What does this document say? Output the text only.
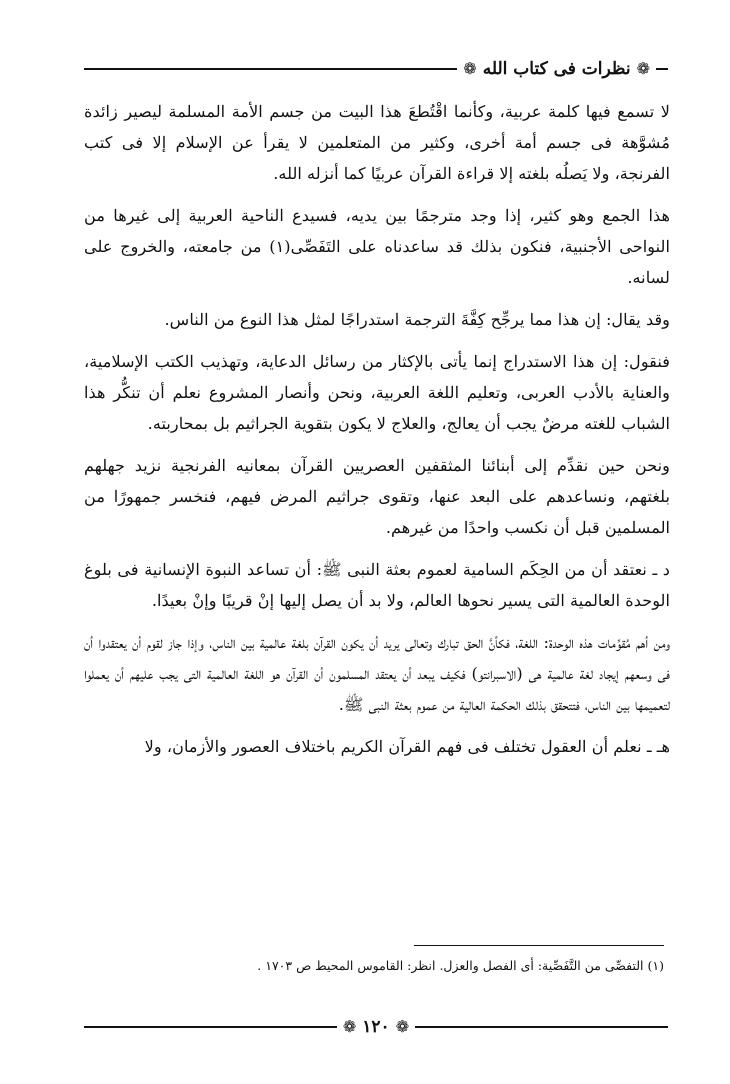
❁ نظرات فى كتاب الله ❁

لا تسمع فيها كلمة عربية، وكأنما اقْتُطعَ هذا البيت من جسم الأمة المسلمة ليصير زائدة مُشوَّهة فى جسم أمة أخرى، وكثير من المتعلمين لا يقرأ عن الإسلام إلا فى كتب الفرنجة، ولا يَصلُه بلغته إلا قراءة القرآن عربيًا كما أنزله الله.

هذا الجمع وهو كثير، إذا وجد مترجمًا بين يديه، فسيدع الناحية العربية إلى غيرها من النواحى الأجنبية، فنكون بذلك قد ساعدناه على التَفَصِّى(١) من جامعته، والخروج على لسانه.

وقد يقال: إن هذا مما يرجِّح كِفَّةَ الترجمة استدراجًا لمثل هذا النوع من الناس.

فنقول: إن هذا الاستدراج إنما يأتى بالإكثار من رسائل الدعاية، وتهذيب الكتب الإسلامية، والعناية بالأدب العربى، وتعليم اللغة العربية، ونحن وأنصار المشروع نعلم أن تنكُّر هذا الشباب للغته مرضٌ يجب أن يعالج، والعلاج لا يكون بتقوية الجراثيم بل بمحاربته.

ونحن حين نقدِّم إلى أبنائنا المثقفين العصريين القرآن بمعانيه الفرنجية نزيد جهلهم بلغتهم، ونساعدهم على البعد عنها، وتقوى جراثيم المرض فيهم، فنخسر جمهورًا من المسلمين قبل أن نكسب واحدًا من غيرهم.

د ـ نعتقد أن من الحِكَم السامية لعموم بعثة النبى ﷺ: أن تساعد النبوة الإنسانية فى بلوغ الوحدة العالمية التى يسير نحوها العالم، ولا بد أن يصل إليها إنْ قريبًا وإنْ بعيدًا.

ومن أهم مُقوِّمات هذه الوحدة: اللغة، فكأنَّ الحق تبارك وتعالى يريد أن يكون القرآن بلغة عالمية بين الناس، وإذا جاز لقوم أن يعتقدوا أن فى وسعهم إيجاد لغة عالمية هى (الاسبرانتو) فكيف يبعد أن يعتقد المسلمون أن القرآن هو اللغة العالمية التى يجب عليهم أن يعملوا لتعميمها بين الناس، فتتحقق بذلك الحكمة العالية من عموم بعثة النبى ﷺ.

هـ ـ نعلم أن العقول تختلف فى فهم القرآن الكريم باختلاف العصور والأزمان، ولا

(١) التفصِّى من التَّفَصِّية: أى الفصل والعزل. انظر: القاموس المحيط ص ١٧٠٣ .
❁ ١٢٠ ❁
